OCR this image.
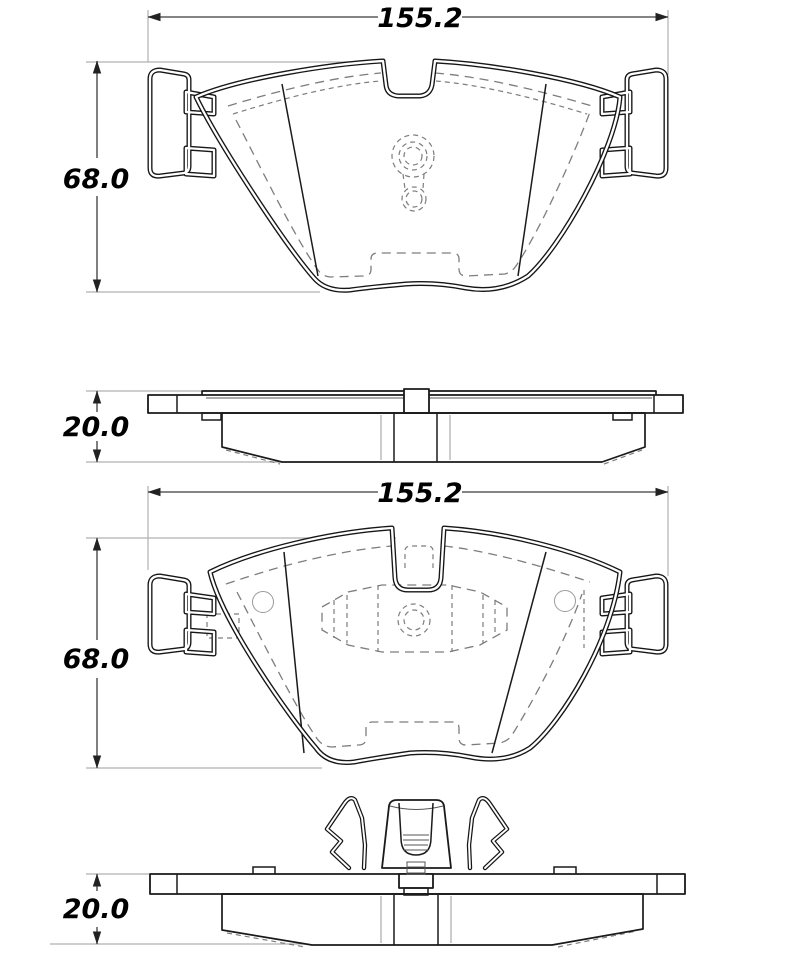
155.2
68.0
20.0
155.2
68.0
20.0
